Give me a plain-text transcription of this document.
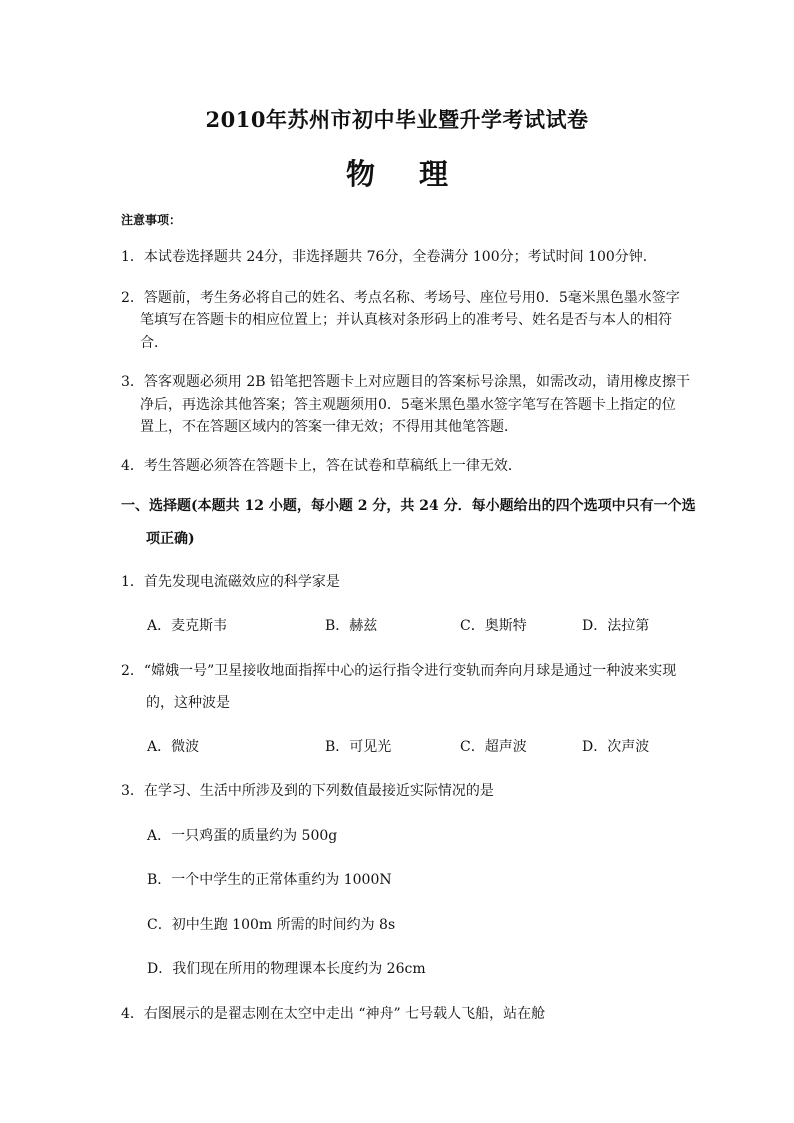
2010年苏州市初中毕业暨升学考试试卷
物 理
注意事项：
1．本试卷选择题共 24分，非选择题共 76分，全卷满分 100分；考试时间 100分钟．
2．答题前，考生务必将自己的姓名、考点名称、考场号、座位号用0．5毫米黑色墨水签字
笔填写在答题卡的相应位置上；并认真核对条形码上的准考号、姓名是否与本人的相符
合．
3．答客观题必须用 2B 铅笔把答题卡上对应题目的答案标号涂黑，如需改动，请用橡皮擦干
净后，再选涂其他答案；答主观题须用0．5毫米黑色墨水签字笔写在答题卡上指定的位
置上，不在答题区域内的答案一律无效；不得用其他笔答题．
4．考生答题必须答在答题卡上，答在试卷和草稿纸上一律无效．
一、选择题(本题共 12 小题，每小题 2 分，共 24 分．每小题给出的四个选项中只有一个选
项正确)
1．首先发现电流磁效应的科学家是
A．麦克斯韦	B．赫兹	C．奥斯特	D．法拉第
2．“嫦娥一号”卫星接收地面指挥中心的运行指令进行变轨而奔向月球是通过一种波来实现
的，这种波是
A．微波	B．可见光	C．超声波	D．次声波
3．在学习、生活中所涉及到的下列数值最接近实际情况的是
A．一只鸡蛋的质量约为 500g
B．一个中学生的正常体重约为 1000N
C．初中生跑 100m 所需的时间约为 8s
D．我们现在所用的物理课本长度约为 26cm
4．右图展示的是翟志刚在太空中走出 “神舟” 七号载人飞船，站在舱
